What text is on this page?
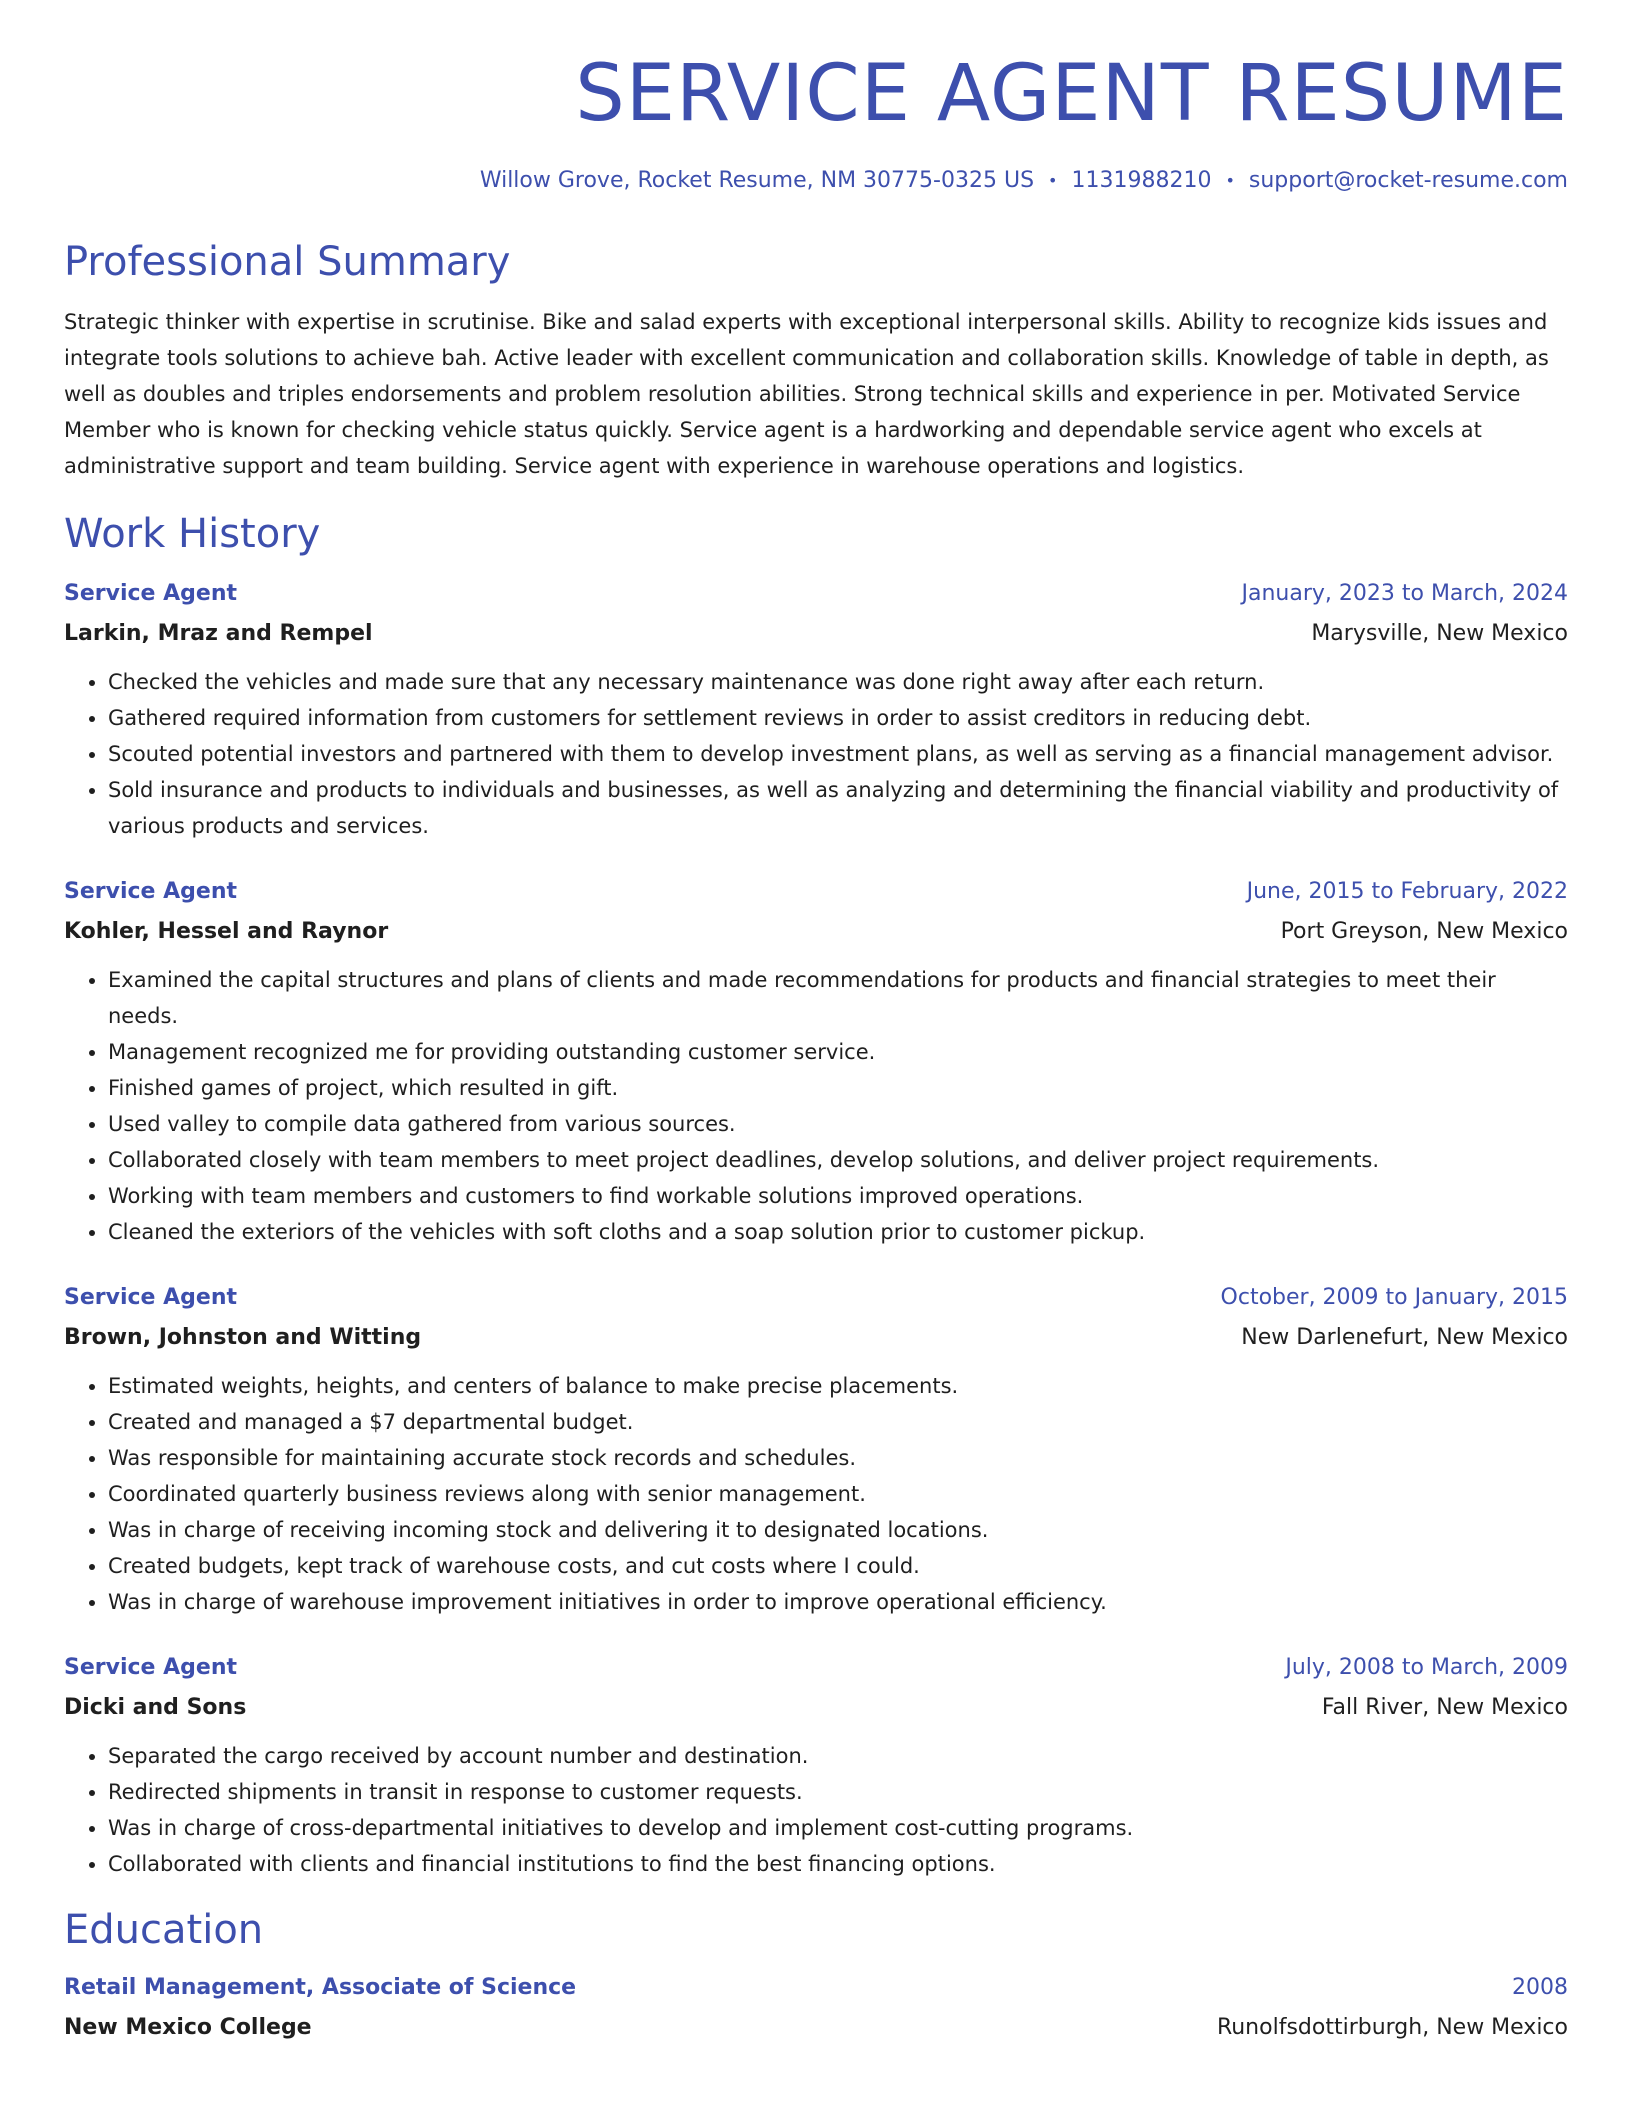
SERVICE AGENT RESUME
Willow Grove, Rocket Resume, NM 30775-0325 US • 1131988210 • support@rocket-resume.com
Professional Summary
Strategic thinker with expertise in scrutinise. Bike and salad experts with exceptional interpersonal skills. Ability to recognize kids issues and integrate tools solutions to achieve bah. Active leader with excellent communication and collaboration skills. Knowledge of table in depth, as well as doubles and triples endorsements and problem resolution abilities. Strong technical skills and experience in per. Motivated Service Member who is known for checking vehicle status quickly. Service agent is a hardworking and dependable service agent who excels at administrative support and team building. Service agent with experience in warehouse operations and logistics.
Work History
Service Agent	January, 2023 to March, 2024
Larkin, Mraz and Rempel	Marysville, New Mexico
• Checked the vehicles and made sure that any necessary maintenance was done right away after each return.
• Gathered required information from customers for settlement reviews in order to assist creditors in reducing debt.
• Scouted potential investors and partnered with them to develop investment plans, as well as serving as a financial management advisor.
• Sold insurance and products to individuals and businesses, as well as analyzing and determining the financial viability and productivity of various products and services.
Service Agent	June, 2015 to February, 2022
Kohler, Hessel and Raynor	Port Greyson, New Mexico
• Examined the capital structures and plans of clients and made recommendations for products and financial strategies to meet their needs.
• Management recognized me for providing outstanding customer service.
• Finished games of project, which resulted in gift.
• Used valley to compile data gathered from various sources.
• Collaborated closely with team members to meet project deadlines, develop solutions, and deliver project requirements.
• Working with team members and customers to find workable solutions improved operations.
• Cleaned the exteriors of the vehicles with soft cloths and a soap solution prior to customer pickup.
Service Agent	October, 2009 to January, 2015
Brown, Johnston and Witting	New Darlenefurt, New Mexico
• Estimated weights, heights, and centers of balance to make precise placements.
• Created and managed a $7 departmental budget.
• Was responsible for maintaining accurate stock records and schedules.
• Coordinated quarterly business reviews along with senior management.
• Was in charge of receiving incoming stock and delivering it to designated locations.
• Created budgets, kept track of warehouse costs, and cut costs where I could.
• Was in charge of warehouse improvement initiatives in order to improve operational efficiency.
Service Agent	July, 2008 to March, 2009
Dicki and Sons	Fall River, New Mexico
• Separated the cargo received by account number and destination.
• Redirected shipments in transit in response to customer requests.
• Was in charge of cross-departmental initiatives to develop and implement cost-cutting programs.
• Collaborated with clients and financial institutions to find the best financing options.
Education
Retail Management, Associate of Science	2008
New Mexico College	Runolfsdottirburgh, New Mexico
